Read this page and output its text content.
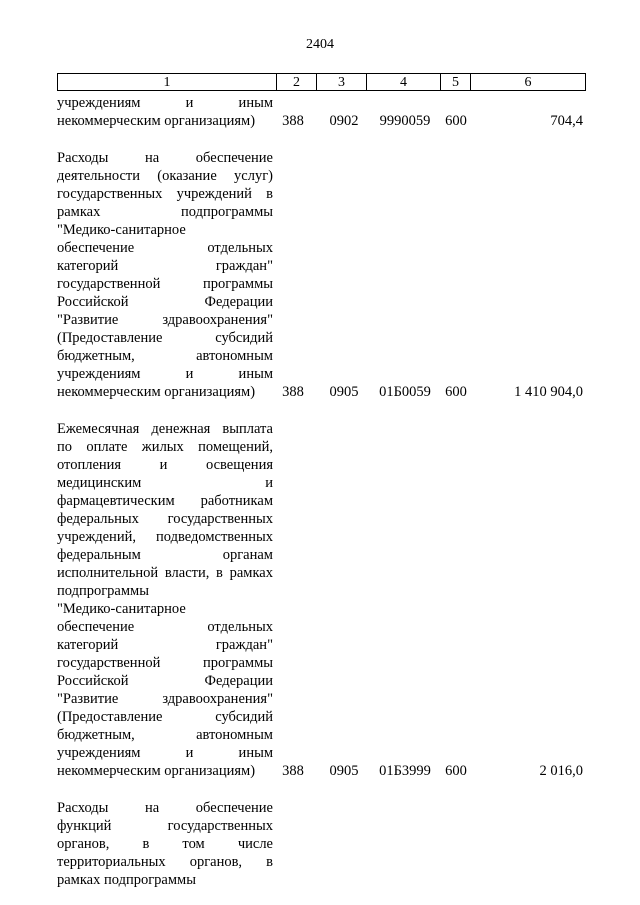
2404
1	2	3	4	5	6
учреждениям и иным
некоммерческим организациям)	388	0902	9990059	600	704,4
Расходы на обеспечение
деятельности (оказание услуг)
государственных учреждений в
рамках подпрограммы
"Медико-санитарное
обеспечение отдельных
категорий граждан"
государственной программы
Российской Федерации
"Развитие здравоохранения"
(Предоставление субсидий
бюджетным, автономным
учреждениям и иным
некоммерческим организациям)	388	0905	01Б0059 600	1 410 904,0
Ежемесячная денежная выплата
по оплате жилых помещений,
отопления и освещения
медицинским и
фармацевтическим работникам
федеральных государственных
учреждений, подведомственных
федеральным органам
исполнительной власти, в рамках
подпрограммы
"Медико-санитарное
обеспечение отдельных
категорий граждан"
государственной программы
Российской Федерации
"Развитие здравоохранения"
(Предоставление субсидий
бюджетным, автономным
учреждениям и иным
некоммерческим организациям)	388	0905	01Б3999 600	2 016,0
Расходы на обеспечение
функций государственных
органов, в том числе
территориальных органов, в
рамках подпрограммы
